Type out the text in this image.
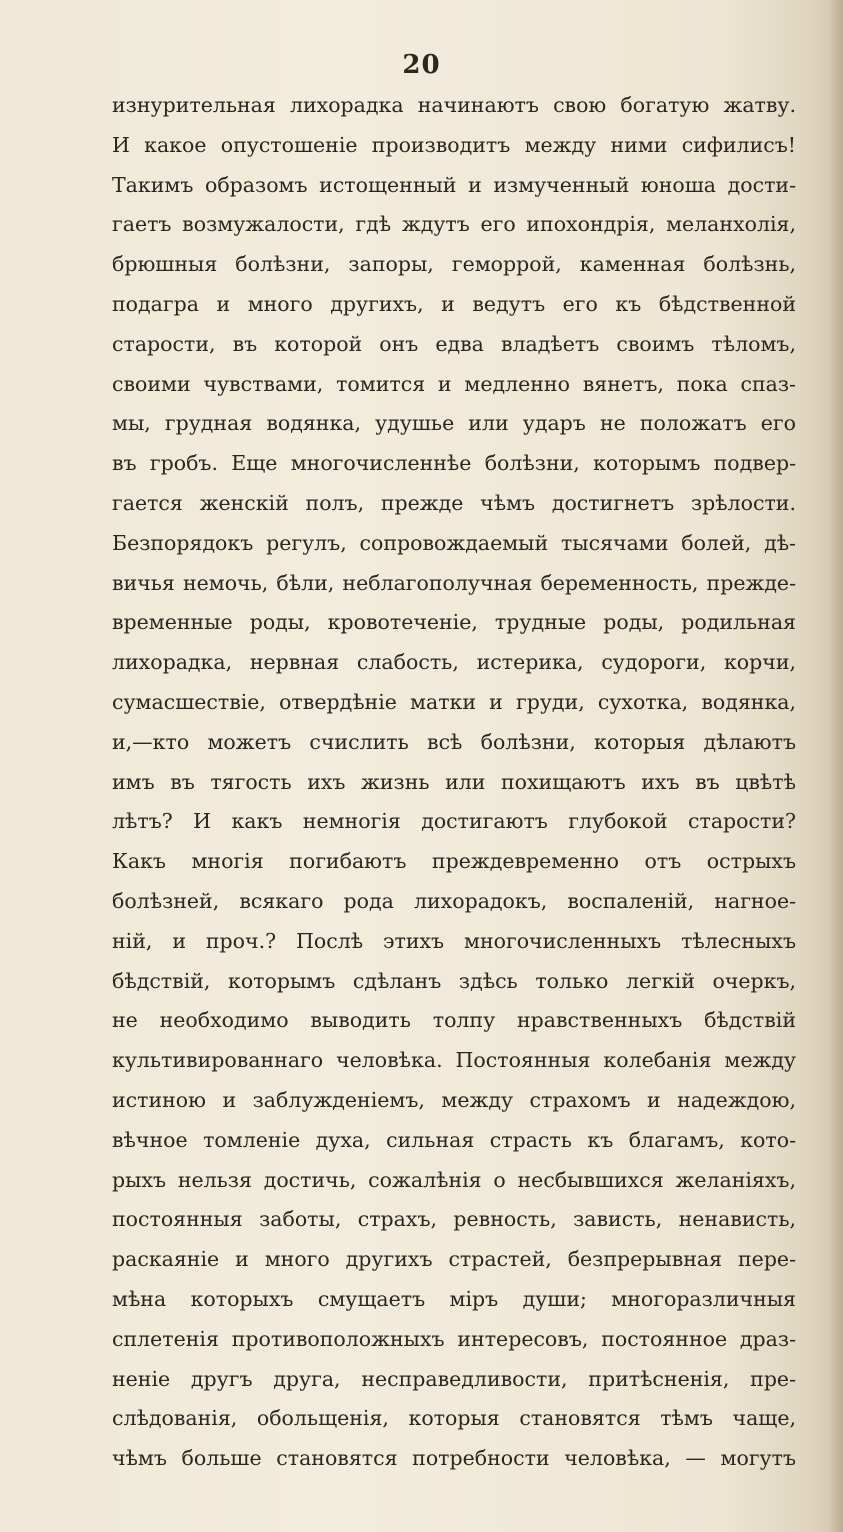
20
изнурительная лихорадка начинаютъ свою богатую жатву.
И какое опустошеніе производитъ между ними сифилисъ!
Такимъ образомъ истощенный и измученный юноша дости-
гаетъ возмужалости, гдѣ ждутъ его ипохондрія, меланхолія,
брюшныя болѣзни, запоры, геморрой, каменная болѣзнь,
подагра и много другихъ, и ведутъ его къ бѣдственной
старости, въ которой онъ едва владѣетъ своимъ тѣломъ,
своими чувствами, томится и медленно вянетъ, пока спаз-
мы, грудная водянка, удушье или ударъ не положатъ его
въ гробъ. Еще многочисленнѣе болѣзни, которымъ подвер-
гается женскій полъ, прежде чѣмъ достигнетъ зрѣлости.
Безпорядокъ регулъ, сопровождаемый тысячами болей, дѣ-
вичья немочь, бѣли, неблагополучная беременность, прежде-
временные роды, кровотеченіе, трудные роды, родильная
лихорадка, нервная слабость, истерика, судороги, корчи,
сумасшествіе, отвердѣніе матки и груди, сухотка, водянка,
и,—кто можетъ счислить всѣ болѣзни, которыя дѣлаютъ
имъ въ тягость ихъ жизнь или похищаютъ ихъ въ цвѣтѣ
лѣтъ? И какъ немногія достигаютъ глубокой старости?
Какъ многія погибаютъ преждевременно отъ острыхъ
болѣзней, всякаго рода лихорадокъ, воспаленій, нагное-
ній, и проч.? Послѣ этихъ многочисленныхъ тѣлесныхъ
бѣдствій, которымъ сдѣланъ здѣсь только легкій очеркъ,
не необходимо выводить толпу нравственныхъ бѣдствій
культивированнаго человѣка. Постоянныя колебанія между
истиною и заблужденіемъ, между страхомъ и надеждою,
вѣчное томленіе духа, сильная страсть къ благамъ, кото-
рыхъ нельзя достичь, сожалѣнія о несбывшихся желаніяхъ,
постоянныя заботы, страхъ, ревность, зависть, ненависть,
раскаяніе и много другихъ страстей, безпрерывная пере-
мѣна которыхъ смущаетъ міръ души; многоразличныя
сплетенія противоположныхъ интересовъ, постоянное драз-
неніе другъ друга, несправедливости, притѣсненія, пре-
слѣдованія, обольщенія, которыя становятся тѣмъ чаще,
чѣмъ больше становятся потребности человѣка, — могутъ
